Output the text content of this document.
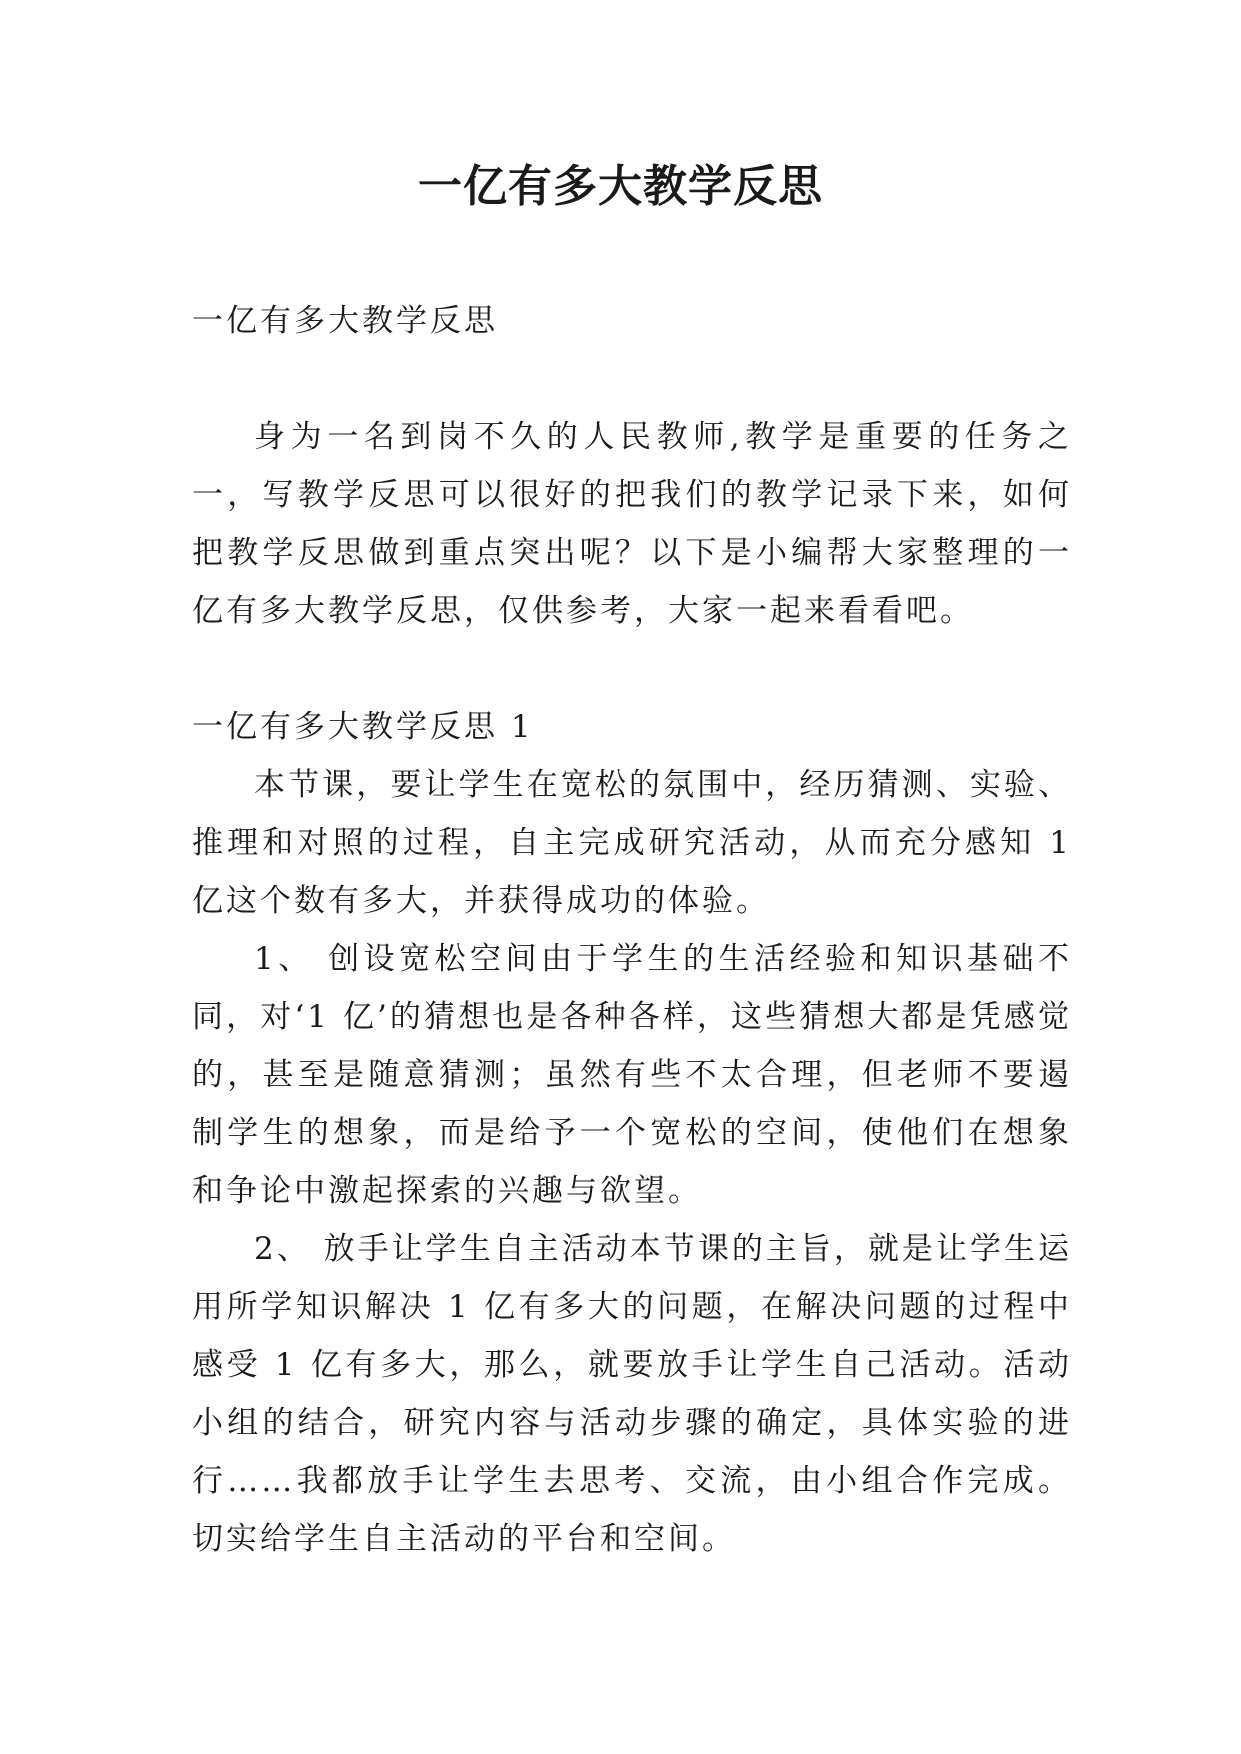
一亿有多大教学反思

一亿有多大教学反思

身为一名到岗不久的人民教师,教学是重要的任务之一，写教学反思可以很好的把我们的教学记录下来，如何把教学反思做到重点突出呢？以下是小编帮大家整理的一亿有多大教学反思，仅供参考，大家一起来看看吧。

一亿有多大教学反思 1

本节课，要让学生在宽松的氛围中，经历猜测、实验、推理和对照的过程，自主完成研究活动，从而充分感知 1 亿这个数有多大，并获得成功的体验。

1、 创设宽松空间由于学生的生活经验和知识基础不同，对‘1 亿’的猜想也是各种各样，这些猜想大都是凭感觉的，甚至是随意猜测；虽然有些不太合理，但老师不要遏制学生的想象，而是给予一个宽松的空间，使他们在想象和争论中激起探索的兴趣与欲望。

2、 放手让学生自主活动本节课的主旨，就是让学生运用所学知识解决 1 亿有多大的问题，在解决问题的过程中感受 1 亿有多大，那么，就要放手让学生自己活动。活动小组的结合，研究内容与活动步骤的确定，具体实验的进行……我都放手让学生去思考、交流，由小组合作完成。切实给学生自主活动的平台和空间。
